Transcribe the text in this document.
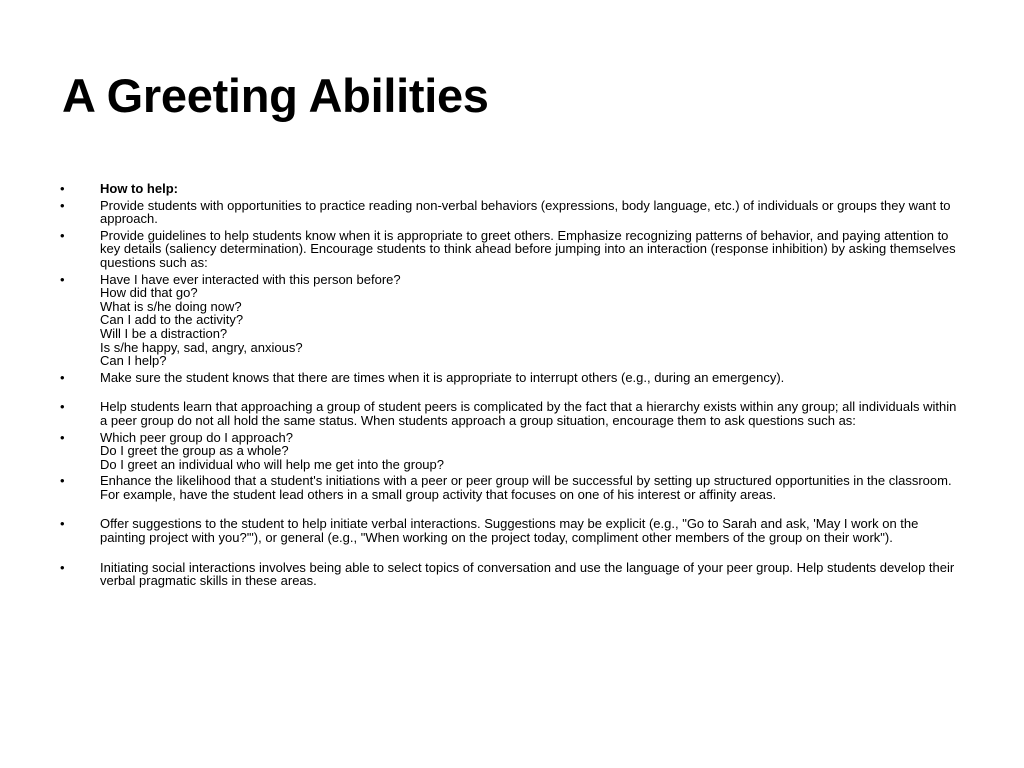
A Greeting Abilities
•	How to help:
•	Provide students with opportunities to practice reading non-verbal behaviors (expressions, body language, etc.) of individuals or groups they want to approach.
•	Provide guidelines to help students know when it is appropriate to greet others. Emphasize recognizing patterns of behavior, and paying attention to key details (saliency determination). Encourage students to think ahead before jumping into an interaction (response inhibition) by asking themselves questions such as:
•	Have I have ever interacted with this person before?
How did that go?
What is s/he doing now?
Can I add to the activity?
Will I be a distraction?
Is s/he happy, sad, angry, anxious?
Can I help?
•	Make sure the student knows that there are times when it is appropriate to interrupt others (e.g., during an emergency).
•	Help students learn that approaching a group of student peers is complicated by the fact that a hierarchy exists within any group; all individuals within a peer group do not all hold the same status. When students approach a group situation, encourage them to ask questions such as:
•	Which peer group do I approach?
Do I greet the group as a whole?
Do I greet an individual who will help me get into the group?
•	Enhance the likelihood that a student's initiations with a peer or peer group will be successful by setting up structured opportunities in the classroom. For example, have the student lead others in a small group activity that focuses on one of his interest or affinity areas.
•	Offer suggestions to the student to help initiate verbal interactions. Suggestions may be explicit (e.g., "Go to Sarah and ask, 'May I work on the painting project with you?'"), or general (e.g., "When working on the project today, compliment other members of the group on their work").
•	Initiating social interactions involves being able to select topics of conversation and use the language of your peer group. Help students develop their verbal pragmatic skills in these areas.
